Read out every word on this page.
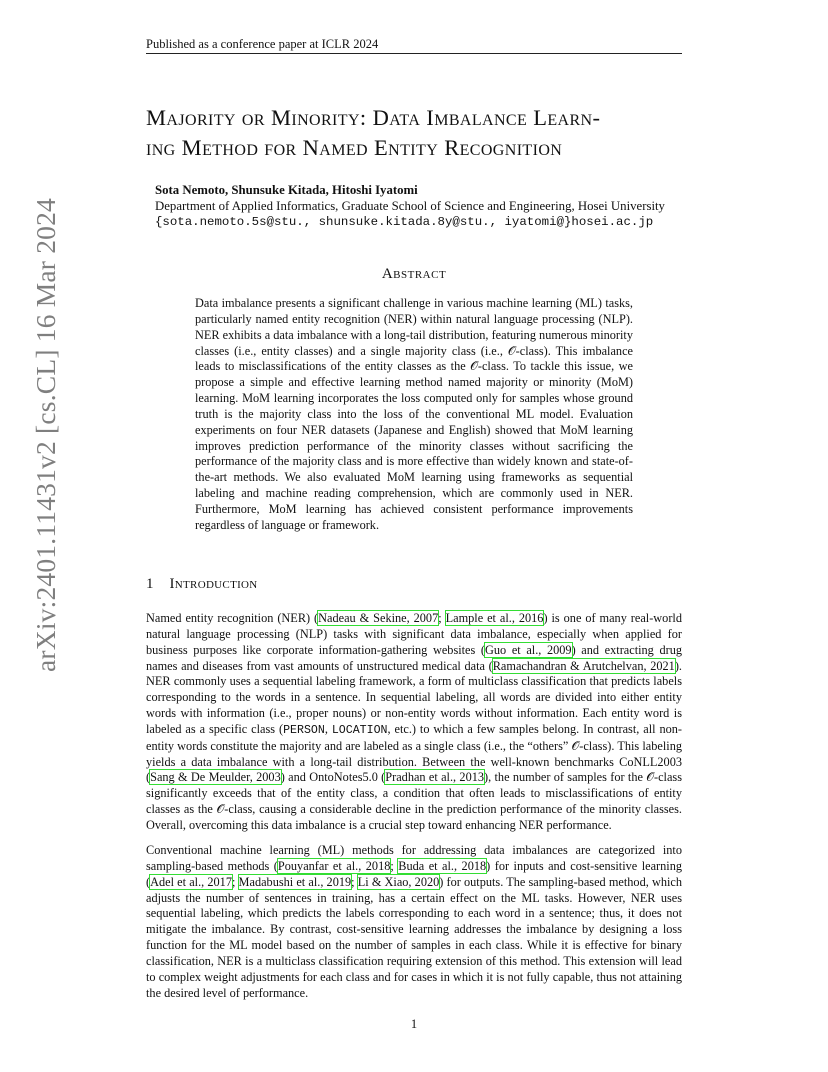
Published as a conference paper at ICLR 2024
arXiv:2401.11431v2 [cs.CL] 16 Mar 2024
Majority or Minority: Data Imbalance Learn-
ing Method for Named Entity Recognition
Sota Nemoto, Shunsuke Kitada, Hitoshi Iyatomi
Department of Applied Informatics, Graduate School of Science and Engineering, Hosei University
{sota.nemoto.5s@stu., shunsuke.kitada.8y@stu., iyatomi@}hosei.ac.jp
Abstract

Data imbalance presents a significant challenge in various machine learning (ML) tasks, particularly named entity recognition (NER) within natural language processing (NLP). NER exhibits a data imbalance with a long-tail distribution, featuring numerous minority classes (i.e., entity classes) and a single majority class (i.e., 𝒪-class). This imbalance leads to misclassifications of the entity classes as the 𝒪-class. To tackle this issue, we propose a simple and effective learning method named majority or minority (MoM) learning. MoM learning incorporates the loss computed only for samples whose ground truth is the majority class into the loss of the conventional ML model. Evaluation experiments on four NER datasets (Japanese and English) showed that MoM learning improves prediction performance of the minority classes without sacrificing the performance of the majority class and is more effective than widely known and state-of-the-art methods. We also evaluated MoM learning using frameworks as sequential labeling and machine reading comprehension, which are commonly used in NER. Furthermore, MoM learning has achieved consistent performance improvements regardless of language or framework.

1 Introduction

Named entity recognition (NER) (Nadeau & Sekine, 2007; Lample et al., 2016) is one of many real-world natural language processing (NLP) tasks with significant data imbalance, especially when applied for business purposes like corporate information-gathering websites (Guo et al., 2009) and extracting drug names and diseases from vast amounts of unstructured medical data (Ramachandran & Arutchelvan, 2021). NER commonly uses a sequential labeling framework, a form of multiclass classification that predicts labels corresponding to the words in a sentence. In sequential labeling, all words are divided into either entity words with information (i.e., proper nouns) or non-entity words without information. Each entity word is labeled as a specific class (PERSON, LOCATION, etc.) to which a few samples belong. In contrast, all non-entity words constitute the majority and are labeled as a single class (i.e., the “others” 𝒪-class). This labeling yields a data imbalance with a long-tail distribution. Between the well-known benchmarks CoNLL2003 (Sang & De Meulder, 2003) and OntoNotes5.0 (Pradhan et al., 2013), the number of samples for the 𝒪-class significantly exceeds that of the entity class, a condition that often leads to misclassifications of entity classes as the 𝒪-class, causing a considerable decline in the prediction performance of the minority classes. Overall, overcoming this data imbalance is a crucial step toward enhancing NER performance.

Conventional machine learning (ML) methods for addressing data imbalances are categorized into sampling-based methods (Pouyanfar et al., 2018; Buda et al., 2018) for inputs and cost-sensitive learning (Adel et al., 2017; Madabushi et al., 2019; Li & Xiao, 2020) for outputs. The sampling-based method, which adjusts the number of sentences in training, has a certain effect on the ML tasks. However, NER uses sequential labeling, which predicts the labels corresponding to each word in a sentence; thus, it does not mitigate the imbalance. By contrast, cost-sensitive learning addresses the imbalance by designing a loss function for the ML model based on the number of samples in each class. While it is effective for binary classification, NER is a multiclass classification requiring extension of this method. This extension will lead to complex weight adjustments for each class and for cases in which it is not fully capable, thus not attaining the desired level of performance.

1
